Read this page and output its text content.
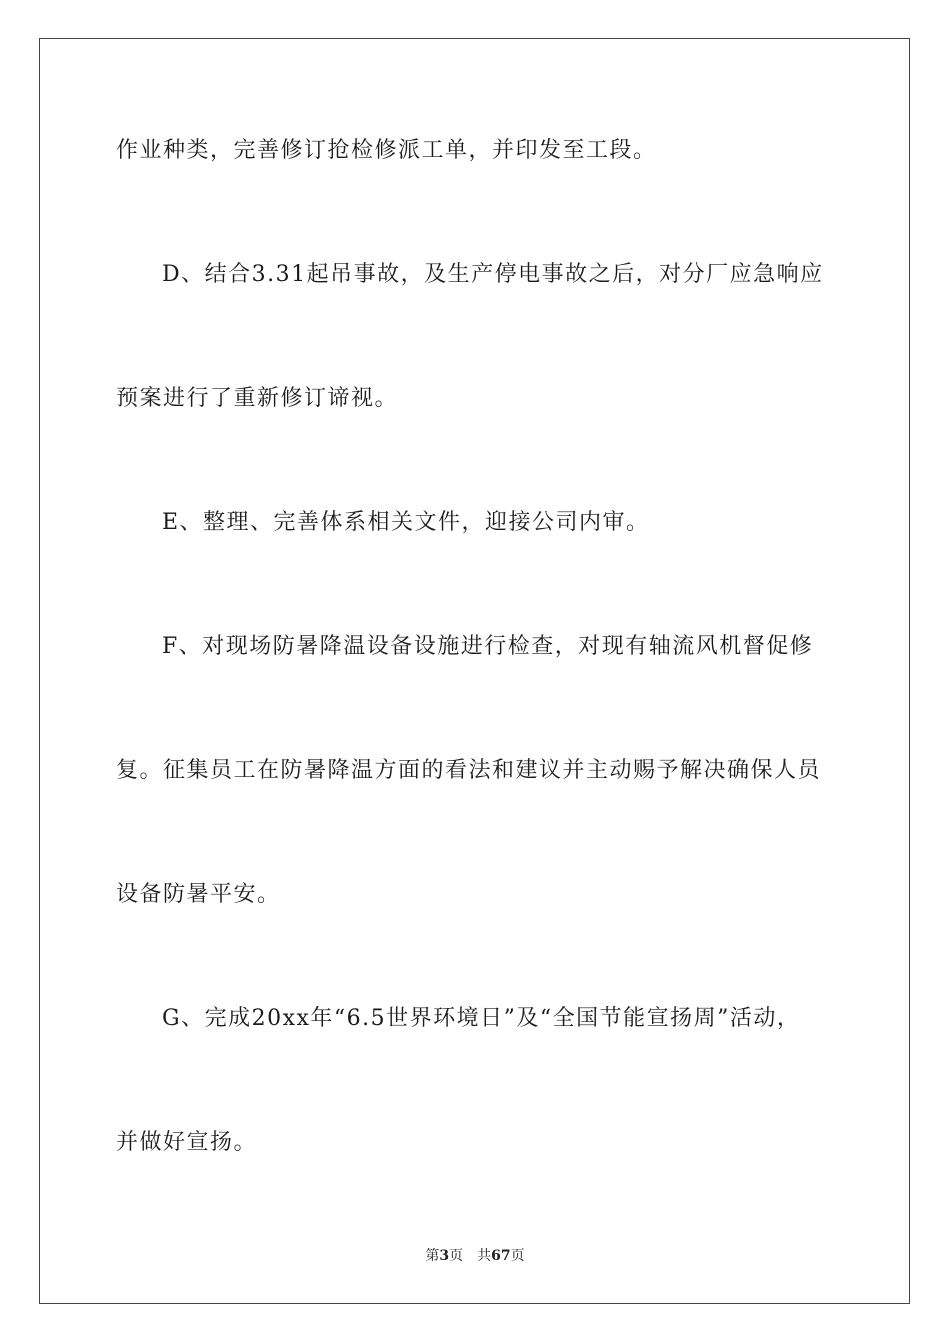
作业种类，完善修订抢检修派工单，并印发至工段。
D、结合3.31起吊事故，及生产停电事故之后，对分厂应急响应
预案进行了重新修订谛视。
E、整理、完善体系相关文件，迎接公司内审。
F、对现场防暑降温设备设施进行检查，对现有轴流风机督促修
复。征集员工在防暑降温方面的看法和建议并主动赐予解决确保人员
设备防暑平安。
G、完成20xx年“6.5世界环境日”及“全国节能宣扬周”活动，
并做好宣扬。
第3页 共67页
